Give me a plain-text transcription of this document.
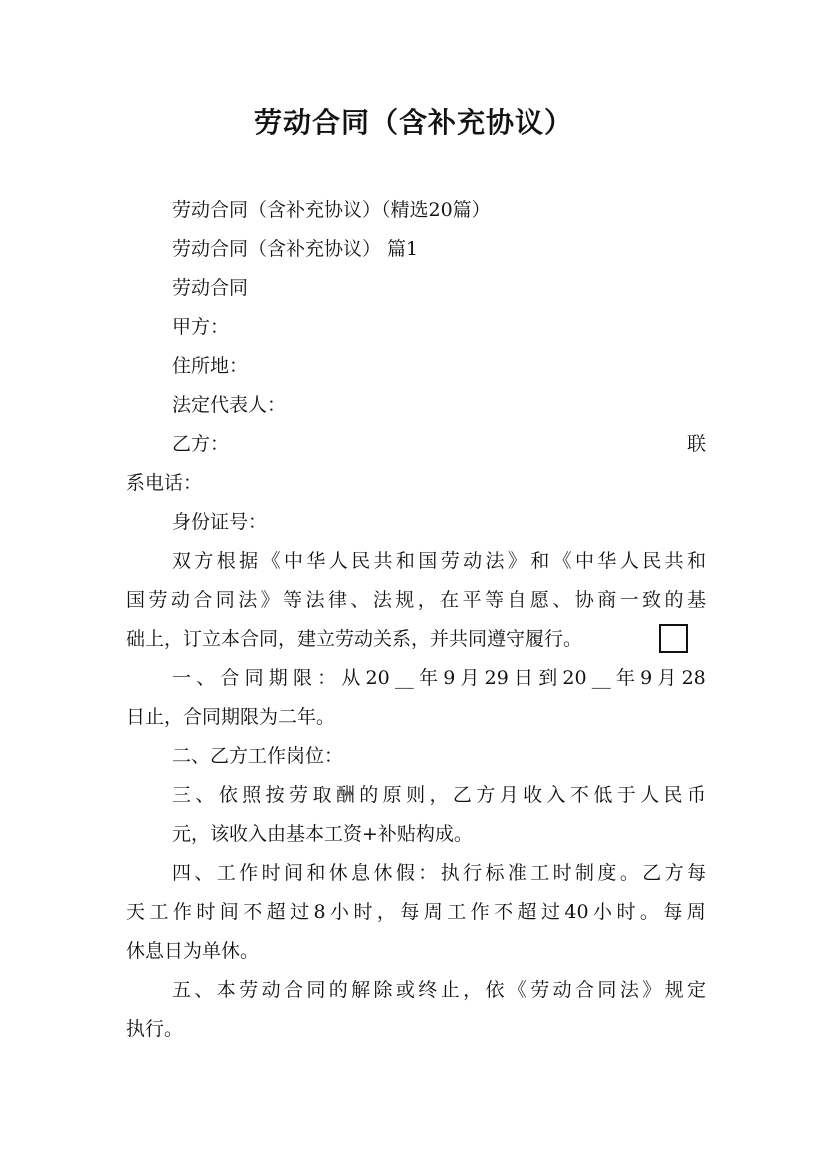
劳动合同（含补充协议）
劳动合同（含补充协议）（精选20篇）
劳动合同（含补充协议） 篇1
劳动合同
甲方：
住所地：
法定代表人：
乙方：	联
系电话：
身份证号：
双 方 根 据 《 中 华 人 民 共 和 国 劳 动 法 》 和 《 中 华 人 民 共 和
国 劳 动 合 同 法 》 等 法 律 、 法 规 ， 在 平 等 自 愿 、 协 商 一 致 的 基
础上，订立本合同，建立劳动关系，并共同遵守履行。
一 、 合 同 期 限 ： 从 20 __ 年 9 月 29 日 到 20 __ 年 9 月 28
日止，合同期限为二年。
二、乙方工作岗位：
三 、 依 照 按 劳 取 酬 的 原 则 ， 乙 方 月 收 入 不 低 于 人 民 币
元，该收入由基本工资+补贴构成。
四 、 工 作 时 间 和 休 息 休 假 ： 执 行 标 准 工 时 制 度 。 乙 方 每
天 工 作 时 间 不 超 过 8 小 时 ， 每 周 工 作 不 超 过 40 小 时 。 每 周
休息日为单休。
五 、 本 劳 动 合 同 的 解 除 或 终 止 ， 依 《 劳 动 合 同 法 》 规 定
执行。
